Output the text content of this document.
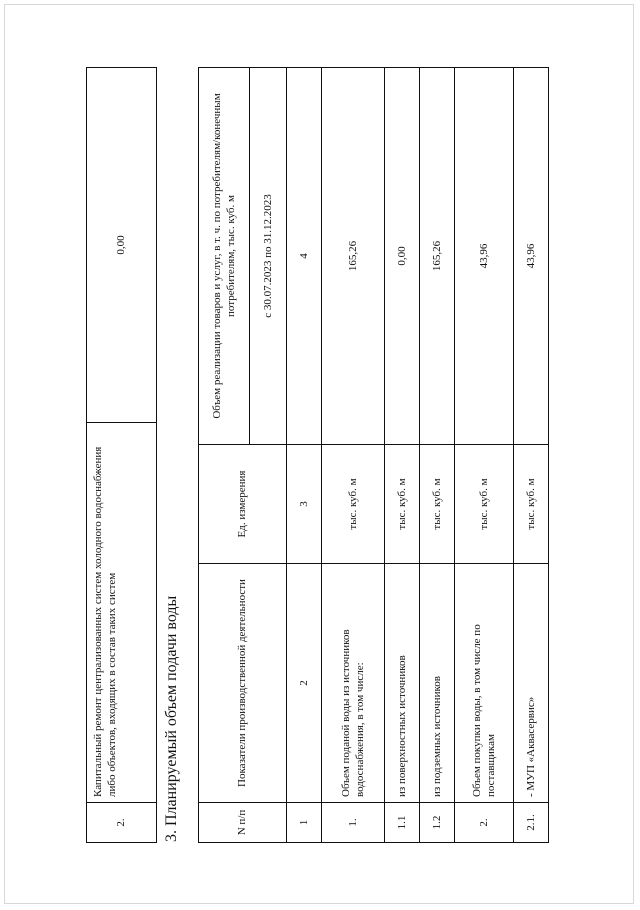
2.	Капитальный ремонт централизованных систем холодного водоснабжения либо объектов, входящих в состав таких систем	0,00
3. Планируемый объем подачи воды	N п/п	Показатели производственной деятельности	Ед. измерения	Объем реализации товаров и услуг, в т. ч. по потребителям/конечным потребителям, тыс. куб. м
			с 30.07.2023 по 31.12.2023
1	2	3	4
1.	Объем поданой воды из источников водоснабжения, в том числе:	тыс. куб. м	165,26
1.1	из поверхностных источников	тыс. куб. м	0,00
1.2	из подземных источников	тыс. куб. м	165,26
2.	Объем покупки воды, в том числе по поставщикам	тыс. куб. м	43,96
2.1.	- МУП «Аквасервис»	тыс. куб. м	43,96
